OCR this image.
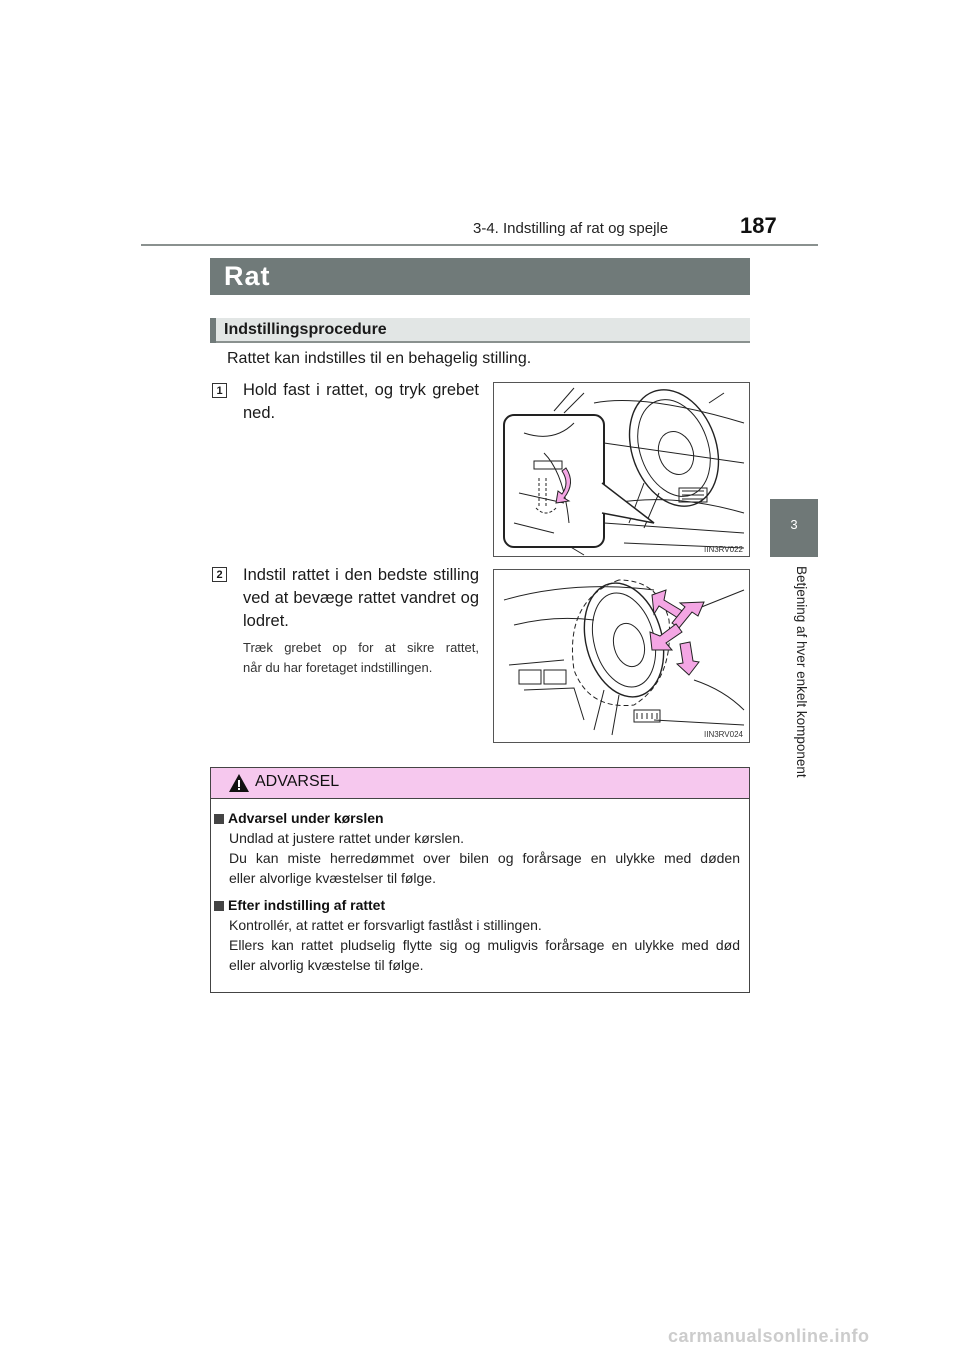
3-4. Indstilling af rat og spejle	187
3
Betjening af hver enkelt komponent
Rat
Indstillingsprocedure
Rattet kan indstilles til en behagelig stilling.
1 Hold fast i rattet, og tryk grebet
ned.
IIN3RV022
2 Indstil rattet i den bedste stilling
ved at bevæge rattet vandret og
lodret.
Træk grebet op for at sikre rattet,
når du har foretaget indstillingen.
IIN3RV024
ADVARSEL
Advarsel under kørslen
Undlad at justere rattet under kørslen.
Du kan miste herredømmet over bilen og forårsage en ulykke med døden
eller alvorlige kvæstelser til følge.
Efter indstilling af rattet
Kontrollér, at rattet er forsvarligt fastlåst i stillingen.
Ellers kan rattet pludselig flytte sig og muligvis forårsage en ulykke med død
eller alvorlig kvæstelse til følge.
carmanualsonline.info
